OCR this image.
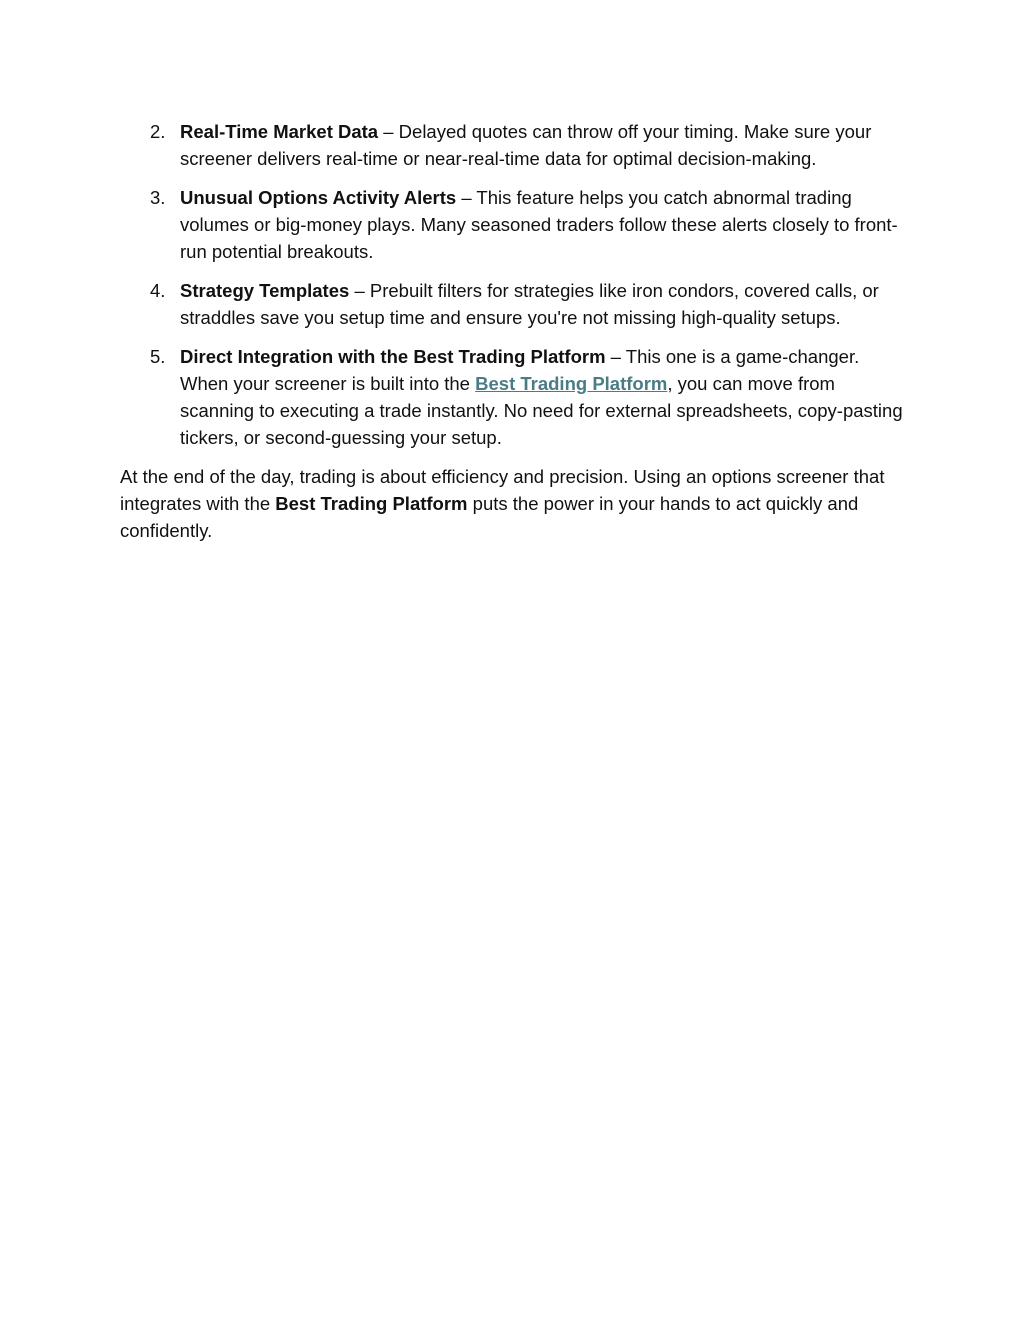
2. Real-Time Market Data – Delayed quotes can throw off your timing. Make sure your screener delivers real-time or near-real-time data for optimal decision-making.
3. Unusual Options Activity Alerts – This feature helps you catch abnormal trading volumes or big-money plays. Many seasoned traders follow these alerts closely to front-run potential breakouts.
4. Strategy Templates – Prebuilt filters for strategies like iron condors, covered calls, or straddles save you setup time and ensure you're not missing high-quality setups.
5. Direct Integration with the Best Trading Platform – This one is a game-changer. When your screener is built into the Best Trading Platform, you can move from scanning to executing a trade instantly. No need for external spreadsheets, copy-pasting tickers, or second-guessing your setup.

At the end of the day, trading is about efficiency and precision. Using an options screener that integrates with the Best Trading Platform puts the power in your hands to act quickly and confidently.
